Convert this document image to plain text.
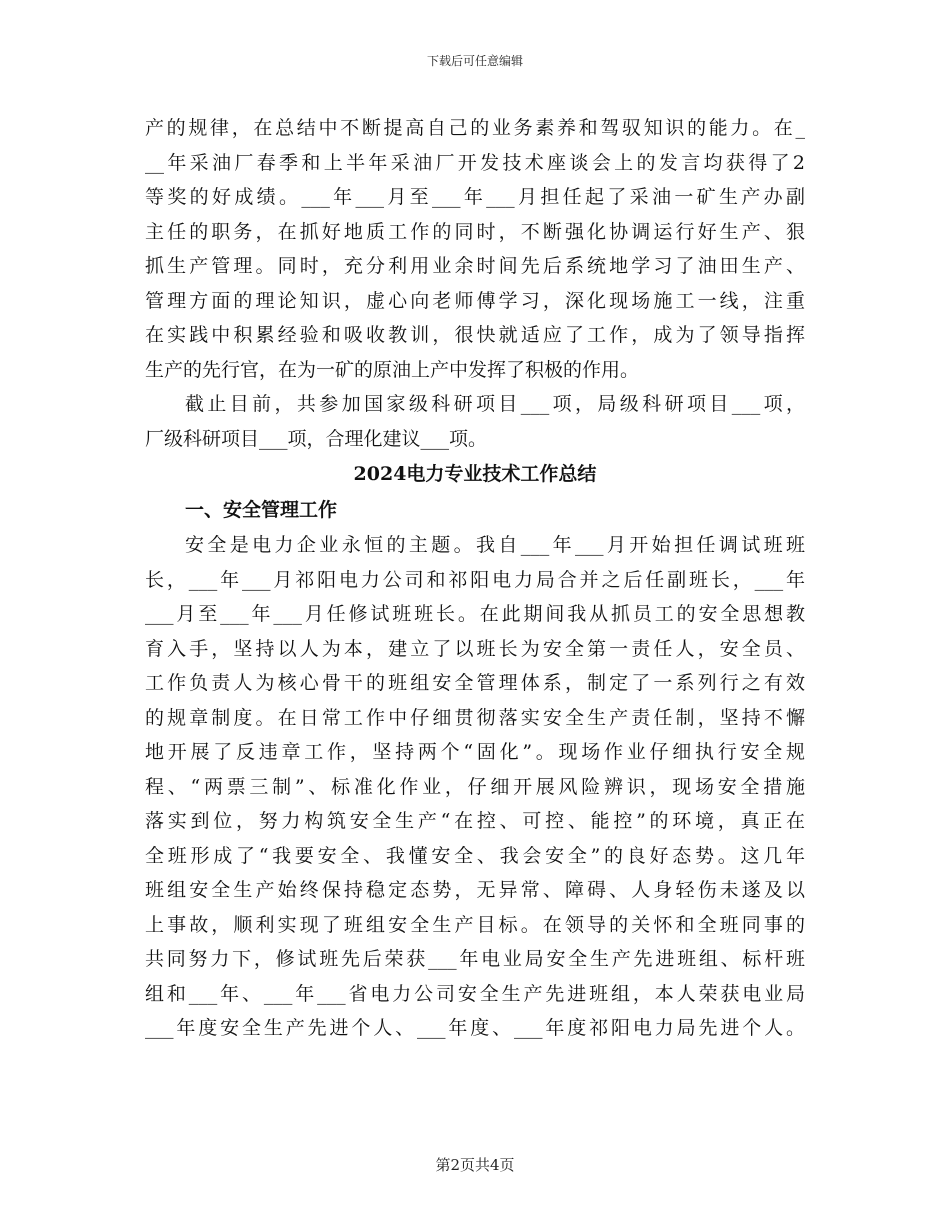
下载后可任意编辑
产的规律，在总结中不断提高自己的业务素养和驾驭知识的能力。在_
__年采油厂春季和上半年采油厂开发技术座谈会上的发言均获得了2
等奖的好成绩。___年___月至___年___月担任起了采油一矿生产办副
主任的职务，在抓好地质工作的同时，不断强化协调运行好生产、狠
抓生产管理。同时，充分利用业余时间先后系统地学习了油田生产、
管理方面的理论知识，虚心向老师傅学习，深化现场施工一线，注重
在实践中积累经验和吸收教训，很快就适应了工作，成为了领导指挥
生产的先行官，在为一矿的原油上产中发挥了积极的作用。
截止目前，共参加国家级科研项目___项，局级科研项目___项，
厂级科研项目___项，合理化建议___项。
2024电力专业技术工作总结
一、安全管理工作
安全是电力企业永恒的主题。我自___年___月开始担任调试班班
长，___年___月祁阳电力公司和祁阳电力局合并之后任副班长，___年
___月至___年___月任修试班班长。在此期间我从抓员工的安全思想教
育入手，坚持以人为本，建立了以班长为安全第一责任人，安全员、
工作负责人为核心骨干的班组安全管理体系，制定了一系列行之有效
的规章制度。在日常工作中仔细贯彻落实安全生产责任制，坚持不懈
地开展了反违章工作，坚持两个“固化”。现场作业仔细执行安全规
程、“两票三制”、标准化作业，仔细开展风险辨识，现场安全措施
落实到位，努力构筑安全生产“在控、可控、能控”的环境，真正在
全班形成了“我要安全、我懂安全、我会安全”的良好态势。这几年
班组安全生产始终保持稳定态势，无异常、障碍、人身轻伤未遂及以
上事故，顺利实现了班组安全生产目标。在领导的关怀和全班同事的
共同努力下，修试班先后荣获___年电业局安全生产先进班组、标杆班
组和___年、___年___省电力公司安全生产先进班组，本人荣获电业局
___年度安全生产先进个人、___年度、___年度祁阳电力局先进个人。
第2页共4页
